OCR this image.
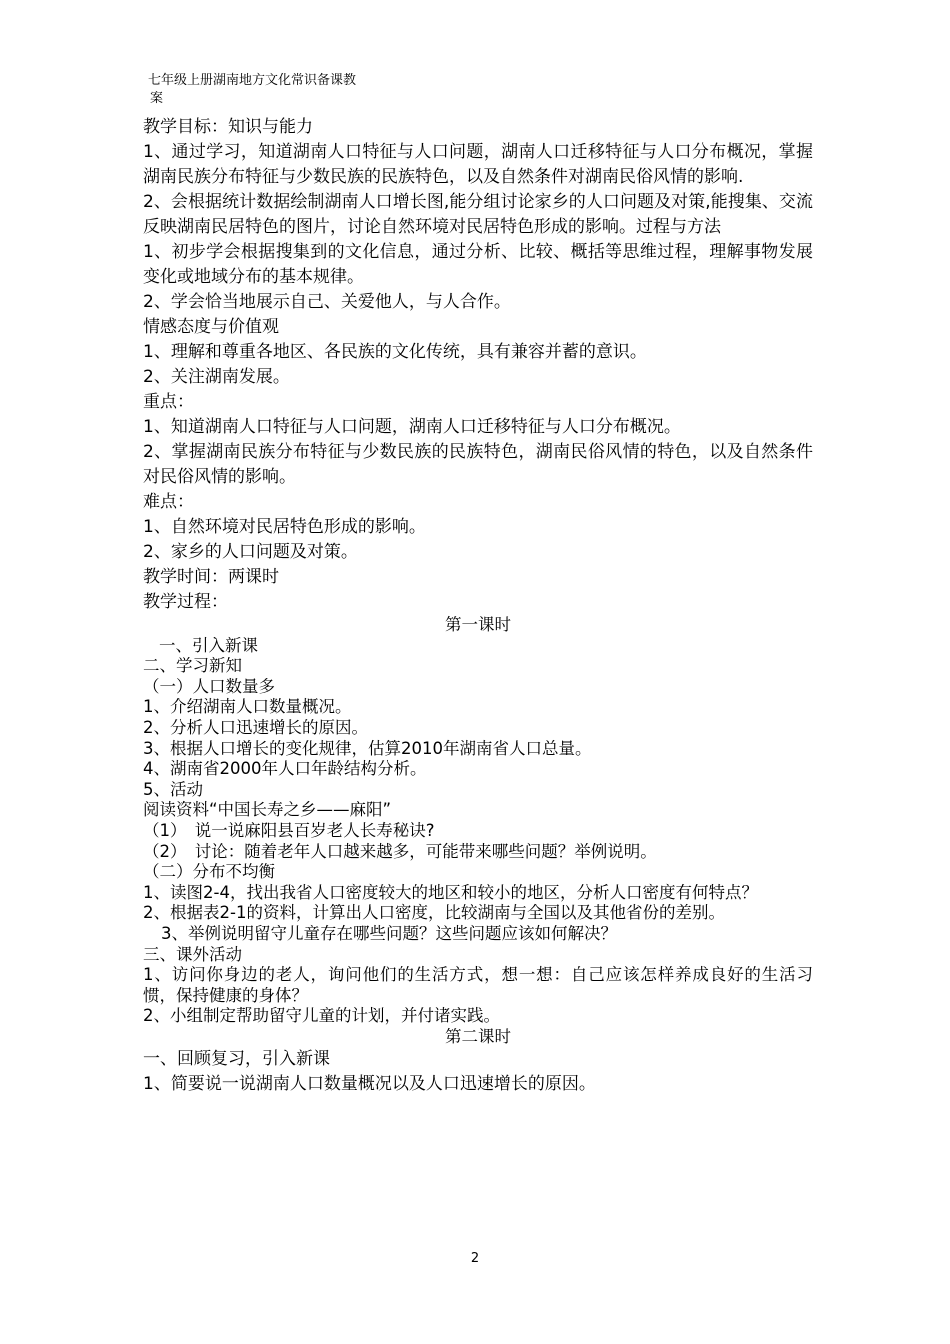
七年级上册湖南地方文化常识备课教
案

教学目标：知识与能力

1、通过学习，知道湖南人口特征与人口问题，湖南人口迁移特征与人口分布概况，掌握湖南民族分布特征与少数民族的民族特色，以及自然条件对湖南民俗风情的影响.

2、会根据统计数据绘制湖南人口增长图,能分组讨论家乡的人口问题及对策,能搜集、交流反映湖南民居特色的图片，讨论自然环境对民居特色形成的影响。过程与方法

1、初步学会根据搜集到的文化信息，通过分析、比较、概括等思维过程，理解事物发展变化或地域分布的基本规律。

2、学会恰当地展示自己、关爱他人，与人合作。

情感态度与价值观

1、理解和尊重各地区、各民族的文化传统，具有兼容并蓄的意识。

2、关注湖南发展。

重点：

1、知道湖南人口特征与人口问题，湖南人口迁移特征与人口分布概况。

2、掌握湖南民族分布特征与少数民族的民族特色，湖南民俗风情的特色，以及自然条件对民俗风情的影响。

难点：

1、自然环境对民居特色形成的影响。

2、家乡的人口问题及对策。

教学时间：两课时

教学过程：

第一课时

一、引入新课

二、学习新知

（一）人口数量多

1、介绍湖南人口数量概况。

2、分析人口迅速增长的原因。

3、根据人口增长的变化规律，估算2010年湖南省人口总量。

4、湖南省2000年人口年龄结构分析。

5、活动

阅读资料“中国长寿之乡——麻阳”

（1）　说一说麻阳县百岁老人长寿秘诀?

（2）　讨论：随着老年人口越来越多，可能带来哪些问题？举例说明。

（二）分布不均衡

1、读图2-4，找出我省人口密度较大的地区和较小的地区，分析人口密度有何特点？

2、根据表2-1的资料，计算出人口密度，比较湖南与全国以及其他省份的差别。

3、举例说明留守儿童存在哪些问题？这些问题应该如何解决？

三、课外活动

1、访问你身边的老人，询问他们的生活方式，想一想：自己应该怎样养成良好的生活习惯，保持健康的身体？

2、小组制定帮助留守儿童的计划，并付诸实践。

第二课时

一、回顾复习，引入新课

1、简要说一说湖南人口数量概况以及人口迅速增长的原因。

2
